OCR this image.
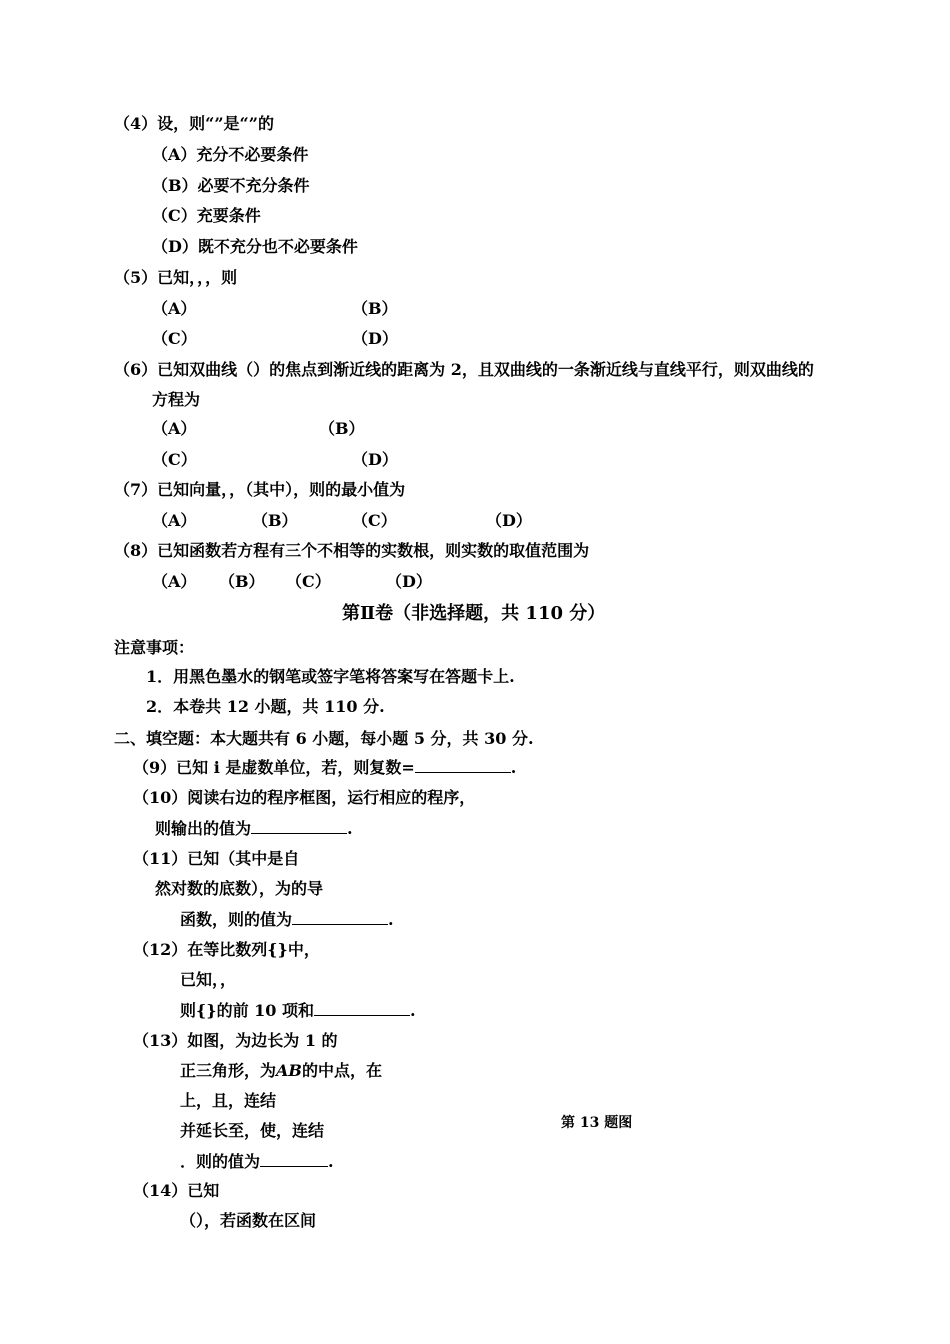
（4）设，则“”是“”的
（A）充分不必要条件
（B）必要不充分条件
（C）充要条件
（D）既不充分也不必要条件
（5）已知，，，则
（A）	（B）
（C）	（D）
（6）已知双曲线（）的焦点到渐近线的距离为 2，且双曲线的一条渐近线与直线平行，则双曲线的
方程为
（A）	（B）
（C）	（D）
（7）已知向量，，（其中），则的最小值为
（A）	（B）	（C）	（D）
（8）已知函数若方程有三个不相等的实数根，则实数的取值范围为
（A） （B） （C）	（D）
第Ⅱ卷（非选择题，共 110 分）
注意事项：
1．用黑色墨水的钢笔或签字笔将答案写在答题卡上.
2．本卷共 12 小题，共 110 分.
二、填空题：本大题共有 6 小题，每小题 5 分，共 30 分.
（9）已知 i 是虚数单位，若，则复数=	.
（10）阅读右边的程序框图，运行相应的程序，
则输出的值为	.
（11）已知（其中是自
然对数的底数），为的导
函数，则的值为	.
（12）在等比数列{}中，
已知，，
则{}的前 10 项和	.
（13）如图，为边长为 1 的
正三角形，为AB的中点，在
上，且，连结
并延长至，使，连结	第 13 题图
．则的值为	.
（14）已知
（），若函数在区间
